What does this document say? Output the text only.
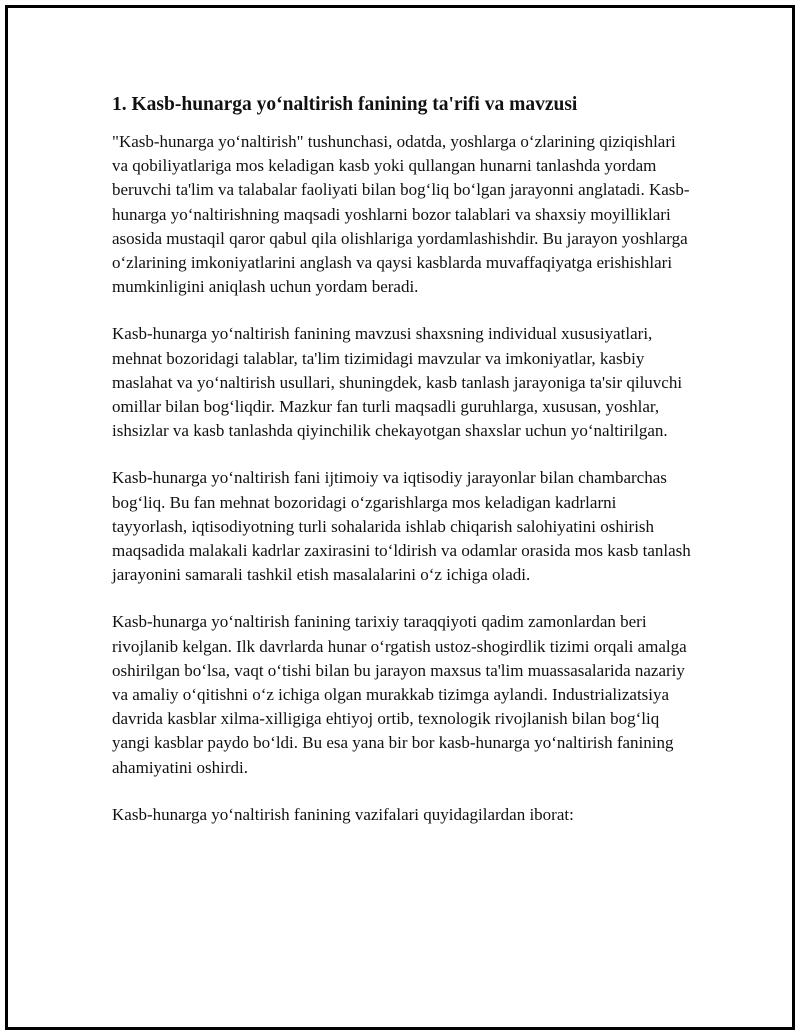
1. Kasb-hunarga yo‘naltirish fanining ta'rifi va mavzusi

"Kasb-hunarga yo‘naltirish" tushunchasi, odatda, yoshlarga o‘zlarining qiziqishlari va qobiliyatlariga mos keladigan kasb yoki qullangan hunarni tanlashda yordam beruvchi ta'lim va talabalar faoliyati bilan bog‘liq bo‘lgan jarayonni anglatadi. Kasb-hunarga yo‘naltirishning maqsadi yoshlarni bozor talablari va shaxsiy moyilliklari asosida mustaqil qaror qabul qila olishlariga yordamlashishdir. Bu jarayon yoshlarga o‘zlarining imkoniyatlarini anglash va qaysi kasblarda muvaffaqiyatga erishishlari mumkinligini aniqlash uchun yordam beradi.

Kasb-hunarga yo‘naltirish fanining mavzusi shaxsning individual xususiyatlari, mehnat bozoridagi talablar, ta'lim tizimidagi mavzular va imkoniyatlar, kasbiy maslahat va yo‘naltirish usullari, shuningdek, kasb tanlash jarayoniga ta'sir qiluvchi omillar bilan bog‘liqdir. Mazkur fan turli maqsadli guruhlarga, xususan, yoshlar, ishsizlar va kasb tanlashda qiyinchilik chekayotgan shaxslar uchun yo‘naltirilgan.

Kasb-hunarga yo‘naltirish fani ijtimoiy va iqtisodiy jarayonlar bilan chambarchas bog‘liq. Bu fan mehnat bozoridagi o‘zgarishlarga mos keladigan kadrlarni tayyorlash, iqtisodiyotning turli sohalarida ishlab chiqarish salohiyatini oshirish maqsadida malakali kadrlar zaxirasini to‘ldirish va odamlar orasida mos kasb tanlash jarayonini samarali tashkil etish masalalarini o‘z ichiga oladi.

Kasb-hunarga yo‘naltirish fanining tarixiy taraqqiyoti qadim zamonlardan beri rivojlanib kelgan. Ilk davrlarda hunar o‘rgatish ustoz-shogirdlik tizimi orqali amalga oshirilgan bo‘lsa, vaqt o‘tishi bilan bu jarayon maxsus ta'lim muassasalarida nazariy va amaliy o‘qitishni o‘z ichiga olgan murakkab tizimga aylandi. Industrializatsiya davrida kasblar xilma-xilligiga ehtiyoj ortib, texnologik rivojlanish bilan bog‘liq yangi kasblar paydo bo‘ldi. Bu esa yana bir bor kasb-hunarga yo‘naltirish fanining ahamiyatini oshirdi.

Kasb-hunarga yo‘naltirish fanining vazifalari quyidagilardan iborat:
